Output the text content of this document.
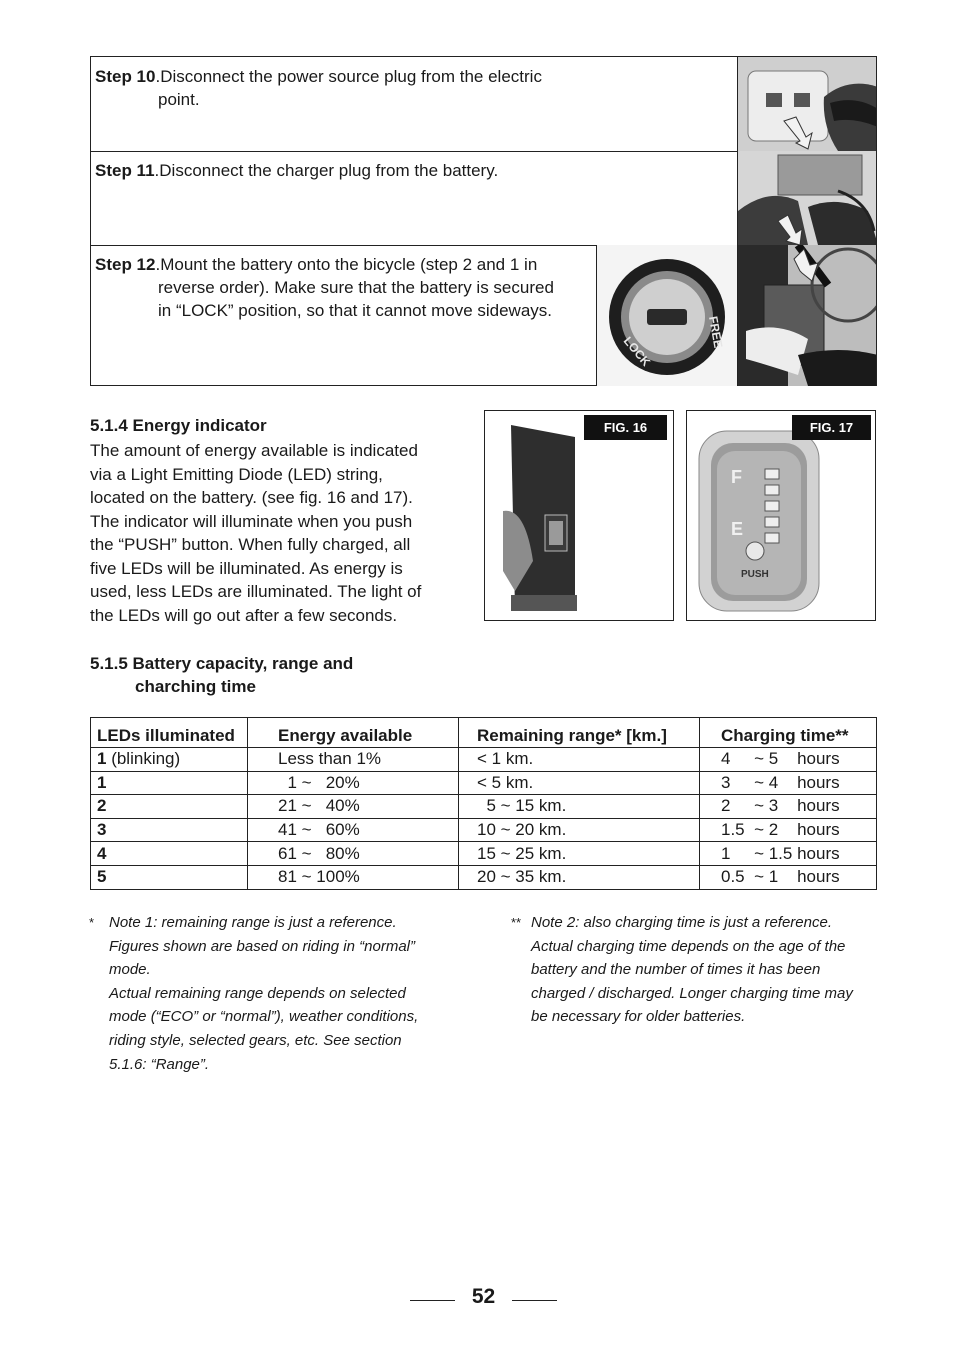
Step 10.Disconnect the power source plug from the electric
point.
Step 11.Disconnect the charger plug from the battery.
Step 12.Mount the battery onto the bicycle (step 2 and 1 in
reverse order). Make sure that the battery is secured
in “LOCK” position, so that it cannot move sideways.
FREE
LOCK
5.1.4 Energy indicator
The amount of energy available is indicated
via a Light Emitting Diode (LED) string,
located on the battery. (see fig. 16 and 17).
The indicator will illuminate when you push
the “PUSH” button. When fully charged, all
five LEDs will be illuminated. As energy is
used, less LEDs are illuminated. The light of
the LEDs will go out after a few seconds.
FIG. 16
F
E
PUSH
FIG. 17
5.1.5 Battery capacity, range and
charching time
LEDs illuminated	Energy available	Remaining range* [km.]	Charging time**
1 (blinking)	Less than 1%	< 1 km.	4     ~ 5    hours
1	1 ~   20%	< 5 km.	3     ~ 4    hours
2	21 ~   40%	5 ~ 15 km.	2     ~ 3    hours
3	41 ~   60%	10 ~ 20 km.	1.5  ~ 2    hours
4	61 ~   80%	15 ~ 25 km.	1     ~ 1.5 hours
5	81 ~ 100%	20 ~ 35 km.	0.5  ~ 1    hours
* Note 1: remaining range is just a reference.
Figures shown are based on riding in “normal”
mode.
Actual remaining range depends on selected
mode (“ECO” or “normal”), weather conditions,
riding style, selected gears, etc. See section
5.1.6: “Range”.
** Note 2: also charging time is just a reference.
Actual charging time depends on the age of the
battery and the number of times it has been
charged / discharged. Longer charging time may
be necessary for older batteries.
52
